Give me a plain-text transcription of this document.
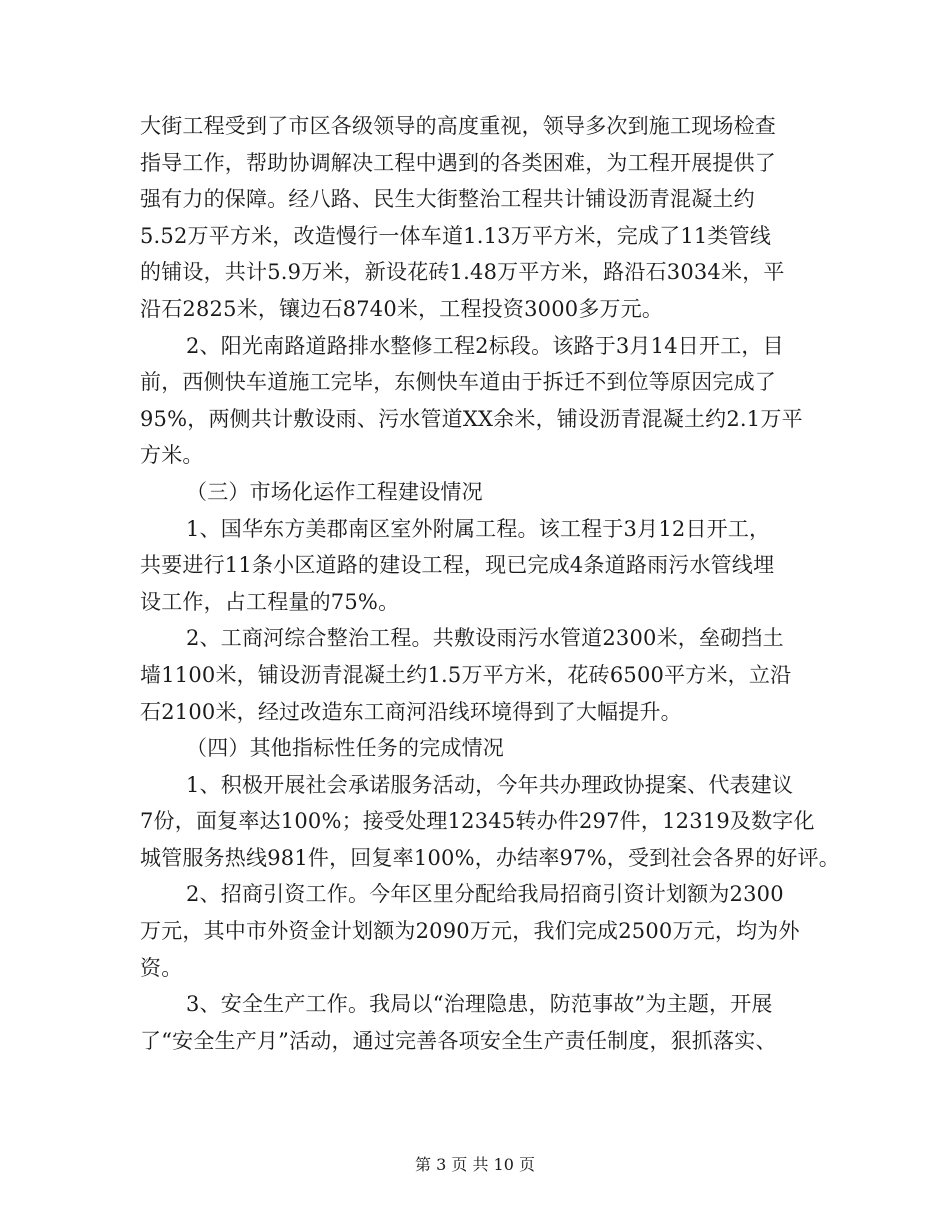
大街工程受到了市区各级领导的高度重视，领导多次到施工现场检查
指导工作，帮助协调解决工程中遇到的各类困难，为工程开展提供了
强有力的保障。经八路、民生大街整治工程共计铺设沥青混凝土约
5.52万平方米，改造慢行一体车道1.13万平方米，完成了11类管线
的铺设，共计5.9万米，新设花砖1.48万平方米，路沿石3034米，平
沿石2825米，镶边石8740米，工程投资3000多万元。
2、阳光南路道路排水整修工程2标段。该路于3月14日开工，目
前，西侧快车道施工完毕，东侧快车道由于拆迁不到位等原因完成了
95%，两侧共计敷设雨、污水管道XX余米，铺设沥青混凝土约2.1万平
方米。
（三）市场化运作工程建设情况
1、国华东方美郡南区室外附属工程。该工程于3月12日开工，
共要进行11条小区道路的建设工程，现已完成4条道路雨污水管线埋
设工作，占工程量的75%。
2、工商河综合整治工程。共敷设雨污水管道2300米，垒砌挡土
墙1100米，铺设沥青混凝土约1.5万平方米，花砖6500平方米，立沿
石2100米，经过改造东工商河沿线环境得到了大幅提升。
（四）其他指标性任务的完成情况
1、积极开展社会承诺服务活动，今年共办理政协提案、代表建议
7份，面复率达100%；接受处理12345转办件297件，12319及数字化
城管服务热线981件，回复率100%，办结率97%，受到社会各界的好评。
2、招商引资工作。今年区里分配给我局招商引资计划额为2300
万元，其中市外资金计划额为2090万元，我们完成2500万元，均为外
资。
3、安全生产工作。我局以“治理隐患，防范事故”为主题，开展
了“安全生产月”活动，通过完善各项安全生产责任制度，狠抓落实、
第 3 页 共 10 页
